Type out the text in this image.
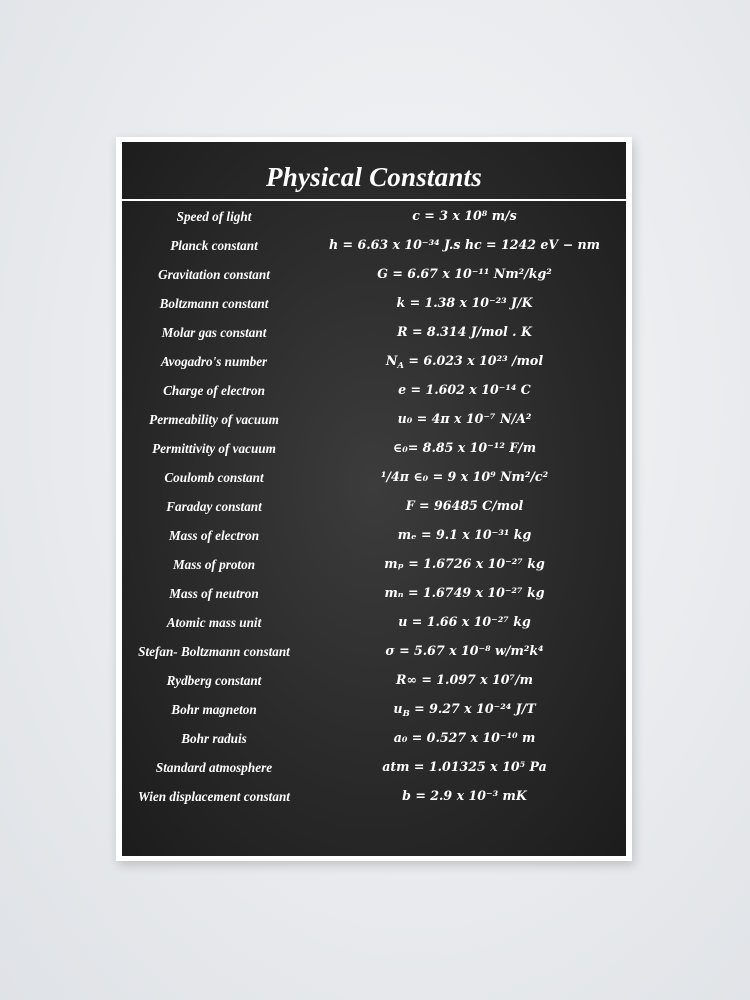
Physical Constants
Speed of light	c = 3 x 10⁸ m/s
Planck constant	h = 6.63 x 10⁻³⁴ J.s hc = 1242 eV − nm
Gravitation constant	G = 6.67 x 10⁻¹¹ Nm²/kg²
Boltzmann constant	k = 1.38 x 10⁻²³ J/K
Molar gas constant	R = 8.314 J/mol . K
Avogadro's number	$N_A = 6.023$ x 10²³ /mol
Charge of electron	e = 1.602 x 10⁻¹⁴ C
Permeability of vacuum	u₀ = 4π x 10⁻⁷ N/A²
Permittivity of vacuum	∈₀= 8.85 x 10⁻¹² F/m
Coulomb constant	¹/4π ∈₀ = 9 x 10⁹ Nm²/c²
Faraday constant	F = 96485 C/mol
Mass of electron	mₑ = 9.1 x 10⁻³¹ kg
Mass of proton	mₚ = 1.6726 x 10⁻²⁷ kg
Mass of neutron	mₙ = 1.6749 x 10⁻²⁷ kg
Atomic mass unit	u = 1.66 x 10⁻²⁷ kg
Stefan- Boltzmann constant	σ = 5.67 x 10⁻⁸ w/m²k⁴
Rydberg constant	R∞ = 1.097 x 10⁷/m
Bohr magneton	$u_B = 9.27$ x 10⁻²⁴ J/T
Bohr raduis	a₀ = 0.527 x 10⁻¹⁰ m
Standard atmosphere	atm = 1.01325 x 10⁵ Pa
Wien displacement constant	b = 2.9 x 10⁻³ mK
